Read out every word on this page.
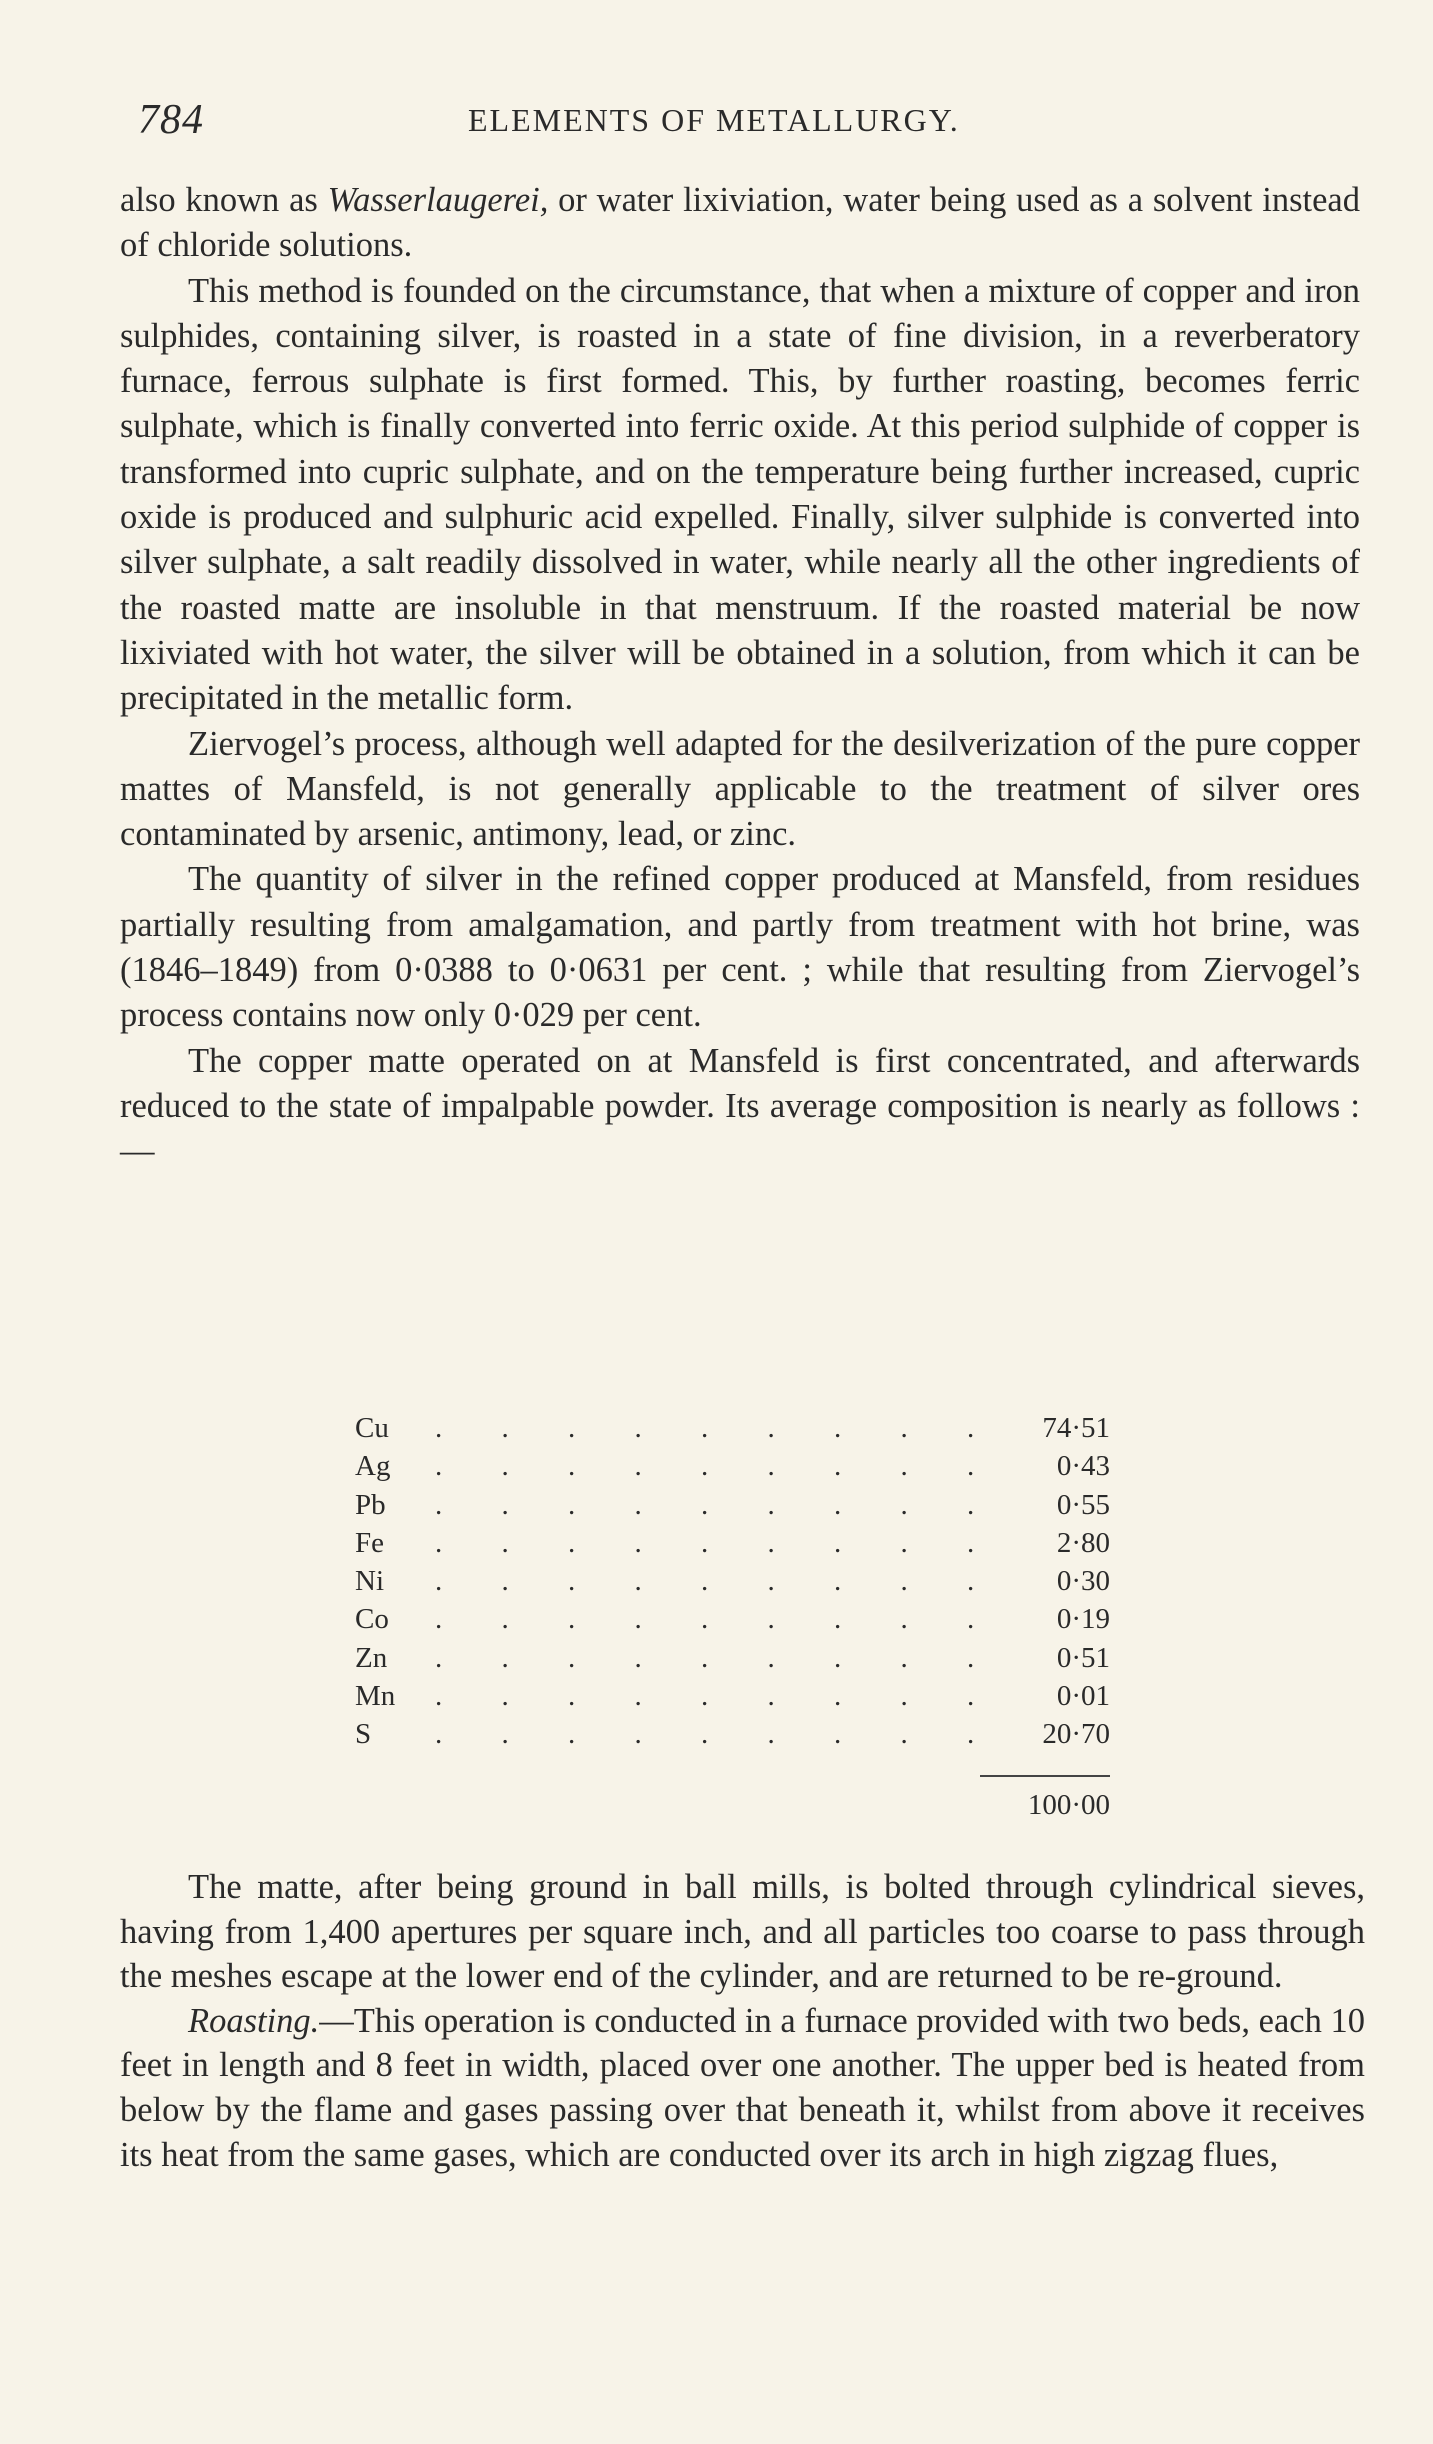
784	ELEMENTS OF METALLURGY.

also known as Wasserlaugerei, or water lixiviation, water being used as a solvent instead of chloride solutions.

This method is founded on the circumstance, that when a mixture of copper and iron sulphides, containing silver, is roasted in a state of fine division, in a reverberatory furnace, ferrous sulphate is first formed. This, by further roasting, becomes ferric sulphate, which is finally converted into ferric oxide. At this period sulphide of copper is transformed into cupric sulphate, and on the temperature being further increased, cupric oxide is produced and sulphuric acid expelled. Finally, silver sulphide is converted into silver sulphate, a salt readily dissolved in water, while nearly all the other ingredients of the roasted matte are insoluble in that menstruum. If the roasted material be now lixiviated with hot water, the silver will be obtained in a solution, from which it can be precipitated in the metallic form.

Ziervogel’s process, although well adapted for the desilverization of the pure copper mattes of Mansfeld, is not generally applicable to the treatment of silver ores contaminated by arsenic, antimony, lead, or zinc.

The quantity of silver in the refined copper produced at Mansfeld, from residues partially resulting from amalgamation, and partly from treatment with hot brine, was (1846–1849) from 0·0388 to 0·0631 per cent. ; while that resulting from Ziervogel’s process contains now only 0·029 per cent.

The copper matte operated on at Mansfeld is first concentrated, and afterwards reduced to the state of impalpable powder. Its average composition is nearly as follows :—

Cu . . . . . . . . . 74·51
Ag . . . . . . . . . 0·43
Pb . . . . . . . . . 0·55
Fe . . . . . . . . . 2·80
Ni . . . . . . . . . 0·30
Co . . . . . . . . . 0·19
Zn . . . . . . . . . 0·51
Mn . . . . . . . . . 0·01
S . . . . . . . . . 20·70
100·00

The matte, after being ground in ball mills, is bolted through cylindrical sieves, having from 1,400 apertures per square inch, and all particles too coarse to pass through the meshes escape at the lower end of the cylinder, and are returned to be re-ground.

Roasting.—This operation is conducted in a furnace provided with two beds, each 10 feet in length and 8 feet in width, placed over one another. The upper bed is heated from below by the flame and gases passing over that beneath it, whilst from above it receives its heat from the same gases, which are conducted over its arch in high zigzag flues,
